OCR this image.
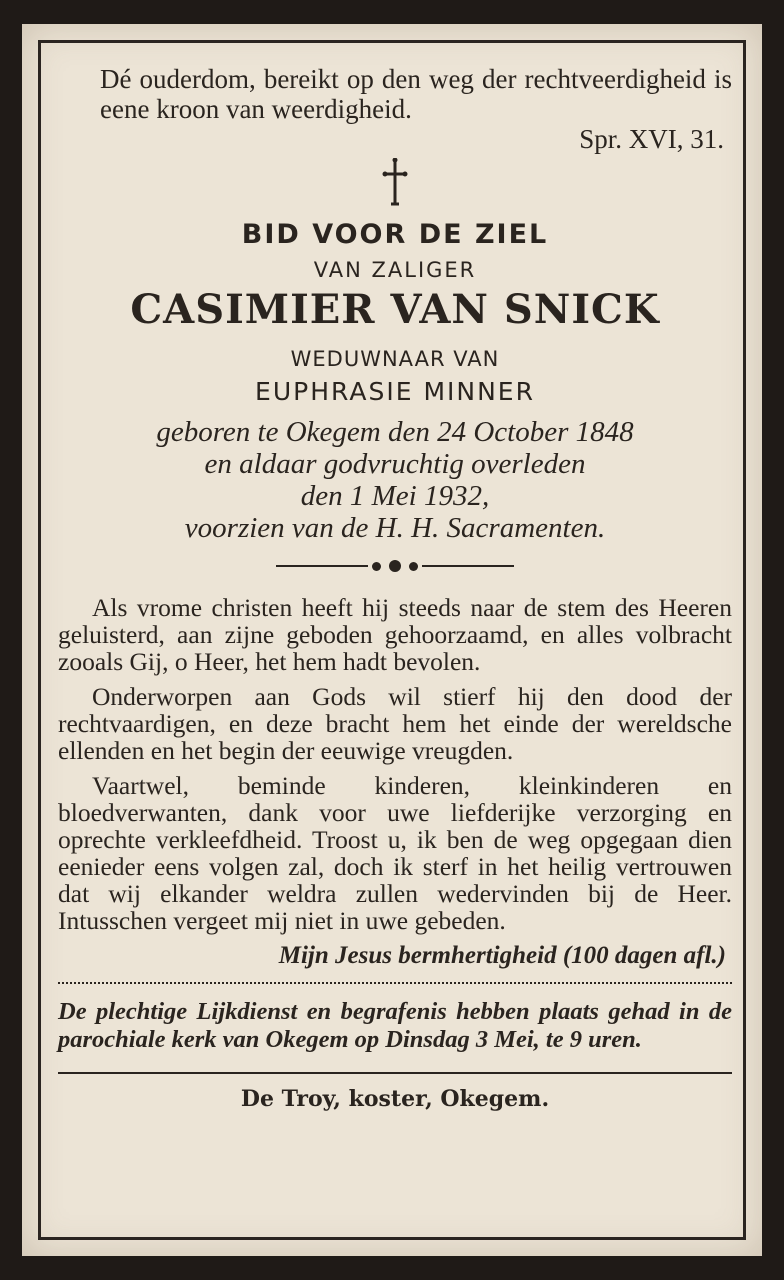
Dé ouderdom, bereikt op den weg der rechtveerdigheid is eene kroon van weerdigheid.
Spr. XVI, 31.
BID VOOR DE ZIEL
VAN ZALIGER
CASIMIER VAN SNICK
WEDUWNAAR VAN
EUPHRASIE MINNER
geboren te Okegem den 24 October 1848
en aldaar godvruchtig overleden
den 1 Mei 1932,
voorzien van de H. H. Sacramenten.

Als vrome christen heeft hij steeds naar de stem des Heeren geluisterd, aan zijne geboden gehoorzaamd, en alles volbracht zooals Gij, o Heer, het hem hadt bevolen.

Onderworpen aan Gods wil stierf hij den dood der rechtvaardigen, en deze bracht hem het einde der wereldsche ellenden en het begin der eeuwige vreugden.

Vaartwel, beminde kinderen, kleinkinderen en bloedverwanten, dank voor uwe liefderijke verzorging en oprechte verkleefdheid. Troost u, ik ben de weg opgegaan dien eenieder eens volgen zal, doch ik sterf in het heilig vertrouwen dat wij elkander weldra zullen wedervinden bij de Heer. Intusschen vergeet mij niet in uwe gebeden.

Mijn Jesus bermhertigheid (100 dagen afl.)
De plechtige Lijkdienst en begrafenis hebben plaats gehad in de parochiale kerk van Okegem op Dinsdag 3 Mei, te 9 uren.
De Troy, koster, Okegem.
